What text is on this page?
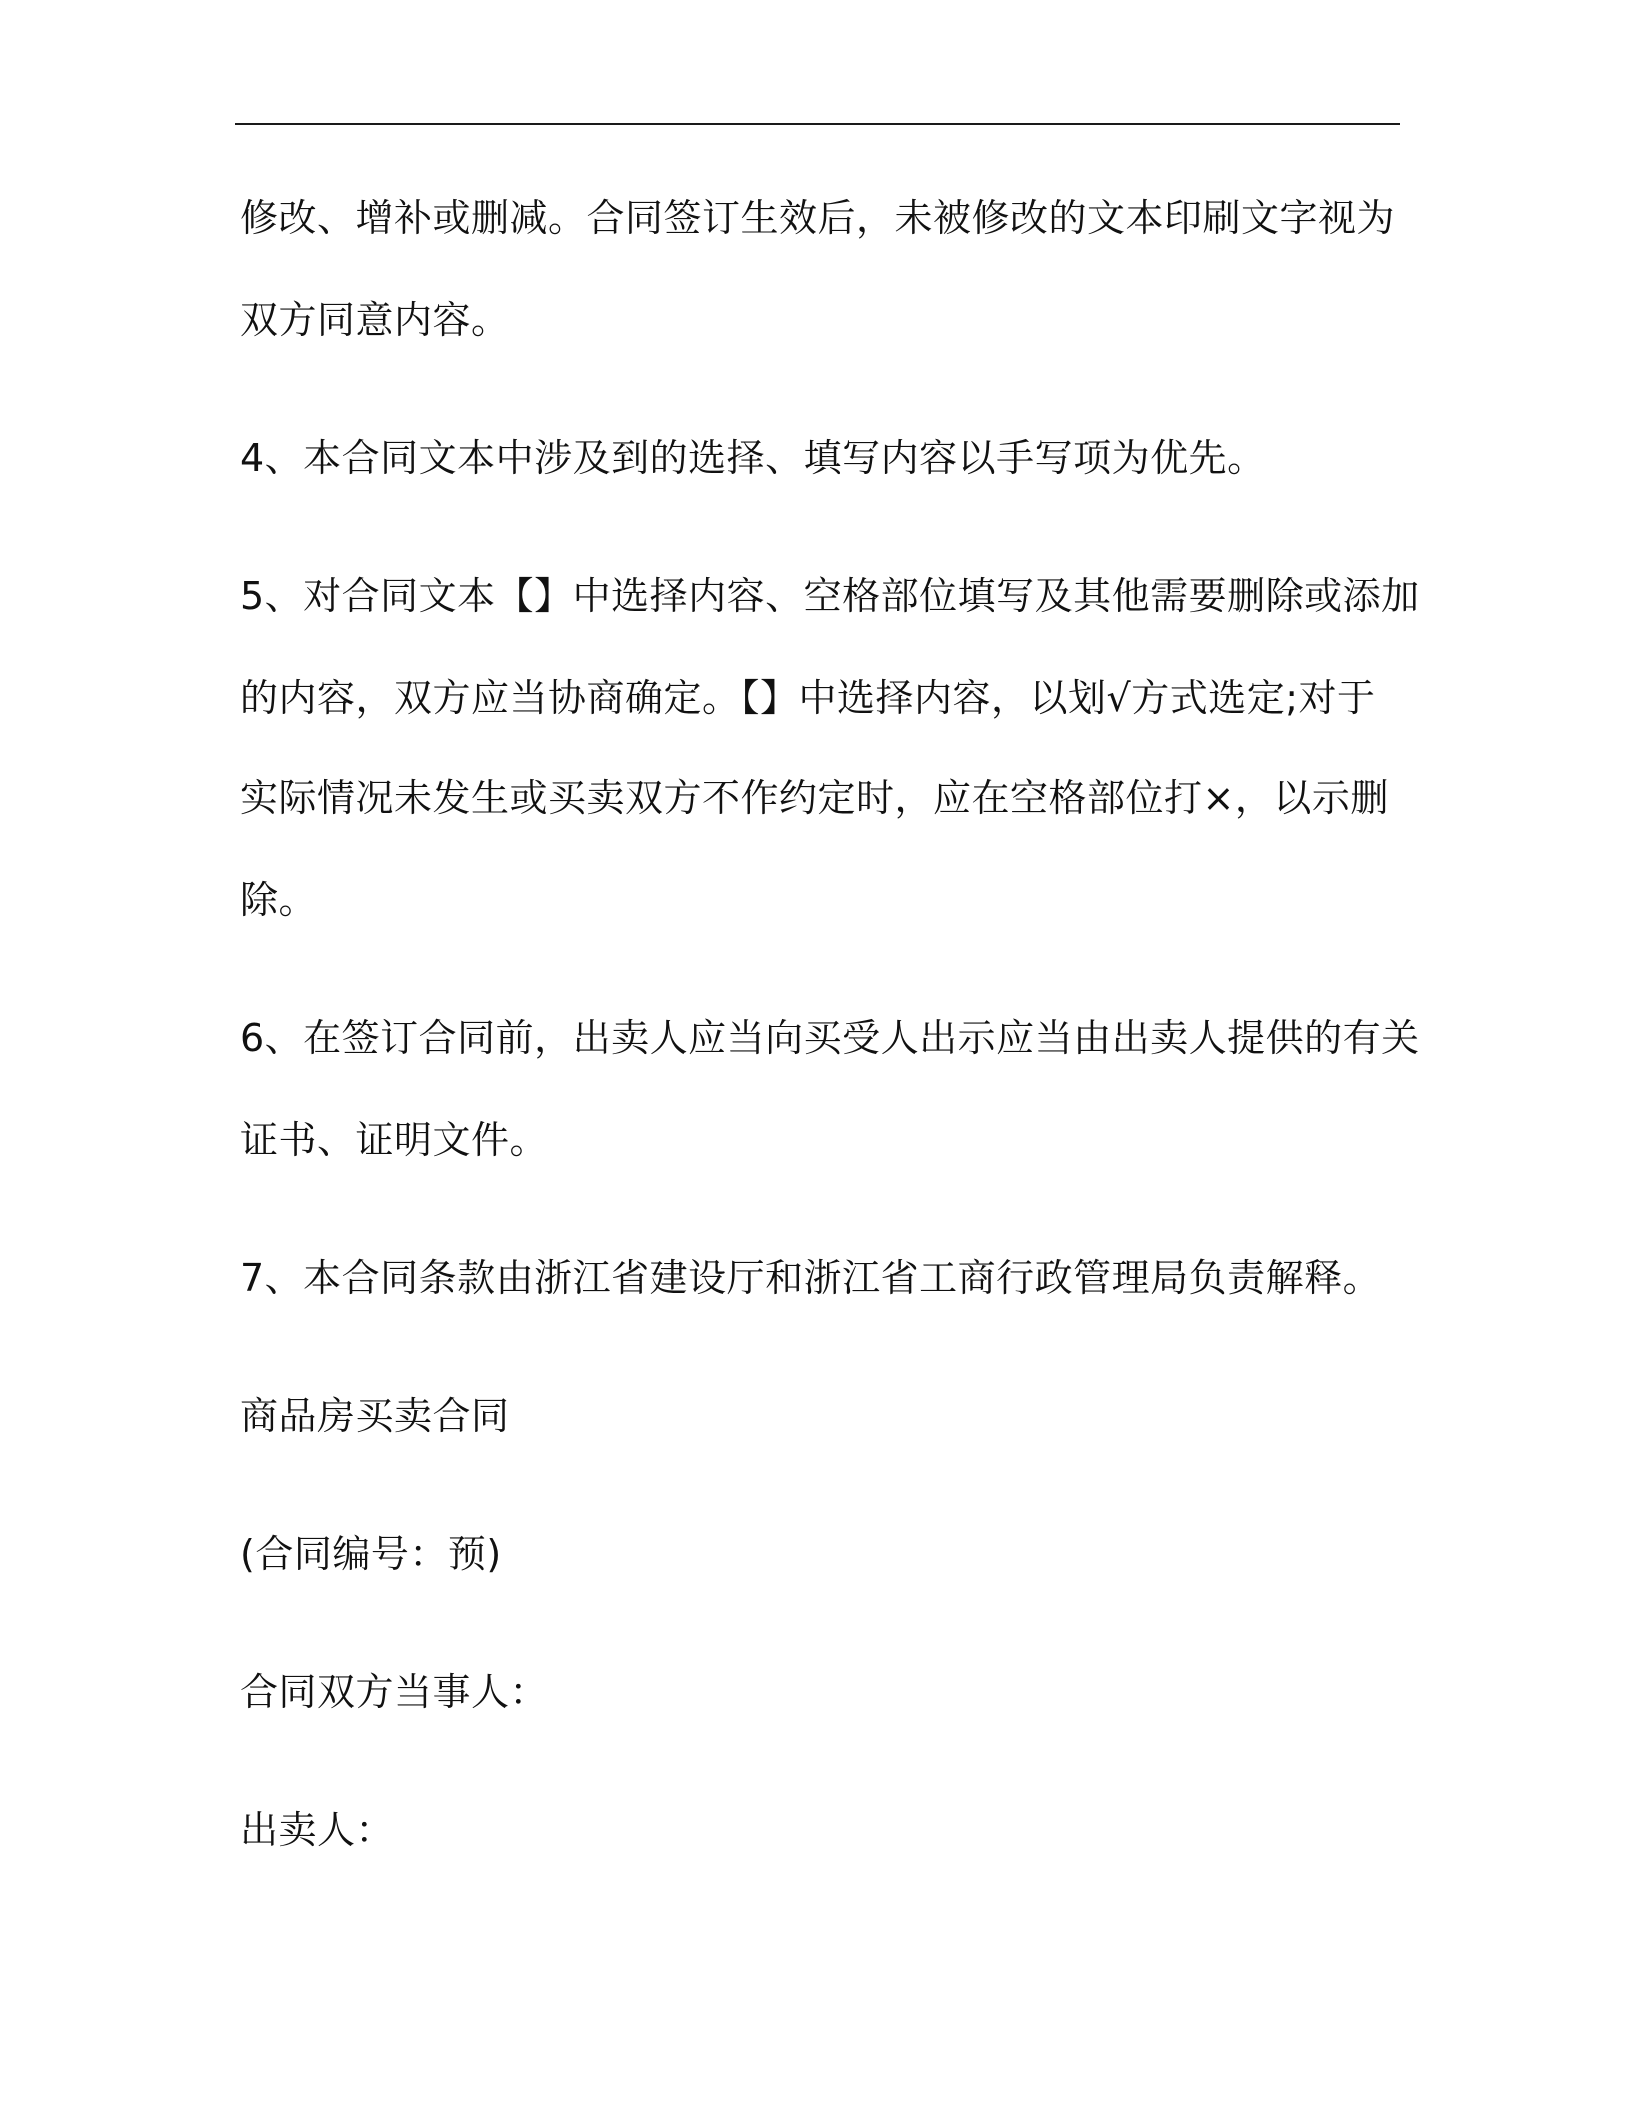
修改、增补或删减。合同签订生效后，未被修改的文本印刷文字视为
双方同意内容。
4、本合同文本中涉及到的选择、填写内容以手写项为优先。
5、对合同文本【】中选择内容、空格部位填写及其他需要删除或添加
的内容，双方应当协商确定。【】中选择内容，以划√方式选定;对于
实际情况未发生或买卖双方不作约定时，应在空格部位打×，以示删
除。
6、在签订合同前，出卖人应当向买受人出示应当由出卖人提供的有关
证书、证明文件。
7、本合同条款由浙江省建设厅和浙江省工商行政管理局负责解释。
商品房买卖合同
(合同编号：预)
合同双方当事人：
出卖人：
